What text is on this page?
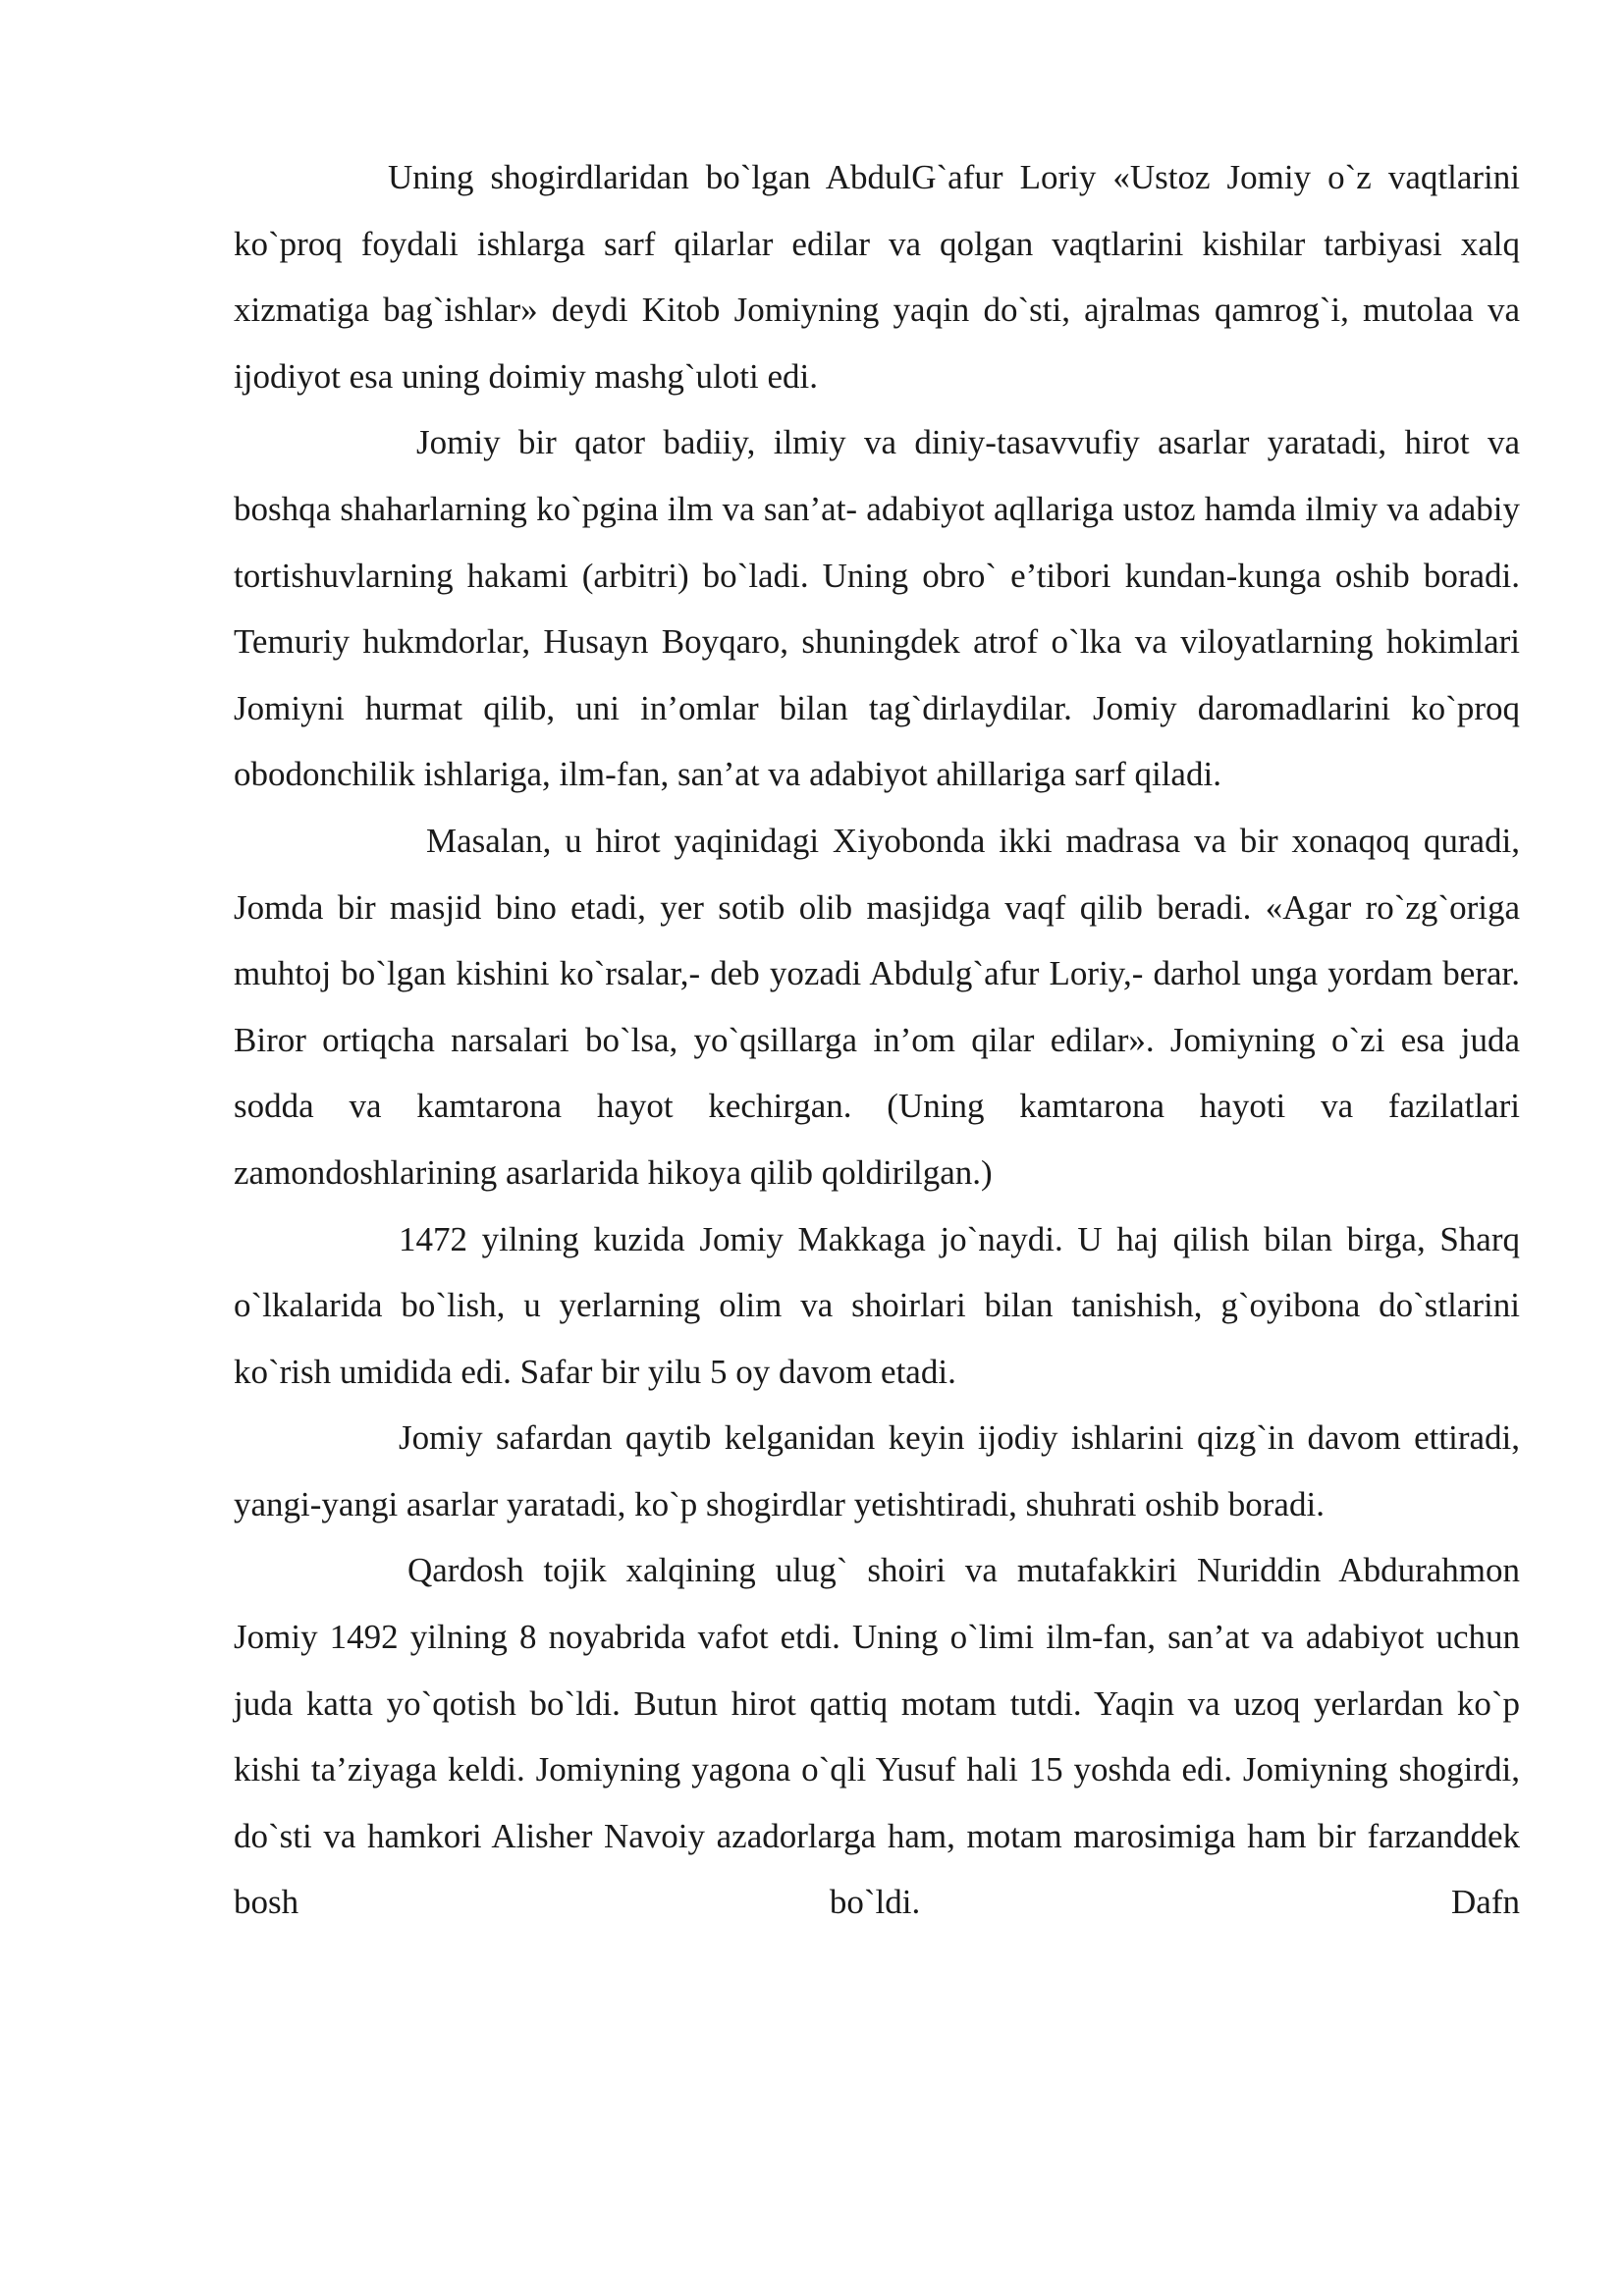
Uning shogirdlaridan bo`lgan AbdulG`afur Loriy «Ustoz Jomiy o`z vaqtlarini ko`proq foydali ishlarga sarf qilarlar edilar va qolgan vaqtlarini kishilar tarbiyasi xalq xizmatiga bag`ishlar» deydi Kitob Jomiyning yaqin do`sti, ajralmas qamrog`i, mutolaa va ijodiyot esa uning doimiy mashg`uloti edi.

Jomiy bir qator badiiy, ilmiy va diniy-tasavvufiy asarlar yaratadi, hirot va boshqa shaharlarning ko`pgina ilm va san’at- adabiyot aqllariga ustoz hamda ilmiy va adabiy tortishuvlarning hakami (arbitri) bo`ladi. Uning obro` e’tibori kundan-kunga oshib boradi. Temuriy hukmdorlar, Husayn Boyqaro, shuningdek atrof o`lka va viloyatlarning hokimlari Jomiyni hurmat qilib, uni in’omlar bilan tag`dirlaydilar. Jomiy daromadlarini ko`proq obodonchilik ishlariga, ilm-fan, san’at va adabiyot ahillariga sarf qiladi.

Masalan, u hirot yaqinidagi Xiyobonda ikki madrasa va bir xonaqoq quradi, Jomda bir masjid bino etadi, yer sotib olib masjidga vaqf qilib beradi. «Agar ro`zg`origa muhtoj bo`lgan kishini ko`rsalar,- deb yozadi Abdulg`afur Loriy,- darhol unga yordam berar. Biror ortiqcha narsalari bo`lsa, yo`qsillarga in’om qilar edilar». Jomiyning o`zi esa juda sodda va kamtarona hayot kechirgan. (Uning kamtarona hayoti va fazilatlari zamondoshlarining asarlarida hikoya qilib qoldirilgan.)

1472 yilning kuzida Jomiy Makkaga jo`naydi. U haj qilish bilan birga, Sharq o`lkalarida bo`lish, u yerlarning olim va shoirlari bilan tanishish, g`oyibona do`stlarini ko`rish umidida edi. Safar bir yilu 5 oy davom etadi.

Jomiy safardan qaytib kelganidan keyin ijodiy ishlarini qizg`in davom ettiradi, yangi-yangi asarlar yaratadi, ko`p shogirdlar yetishtiradi, shuhrati oshib boradi.

Qardosh tojik xalqining ulug` shoiri va mutafakkiri Nuriddin Abdurahmon Jomiy 1492 yilning 8 noyabrida vafot etdi. Uning o`limi ilm-fan, san’at va adabiyot uchun juda katta yo`qotish bo`ldi. Butun hirot qattiq motam tutdi. Yaqin va uzoq yerlardan ko`p kishi ta’ziyaga keldi. Jomiyning yagona o`qli Yusuf hali 15 yoshda edi. Jomiyning shogirdi, do`sti va hamkori Alisher Navoiy azadorlarga ham, motam marosimiga ham bir farzanddek bosh bo`ldi. Dafn
